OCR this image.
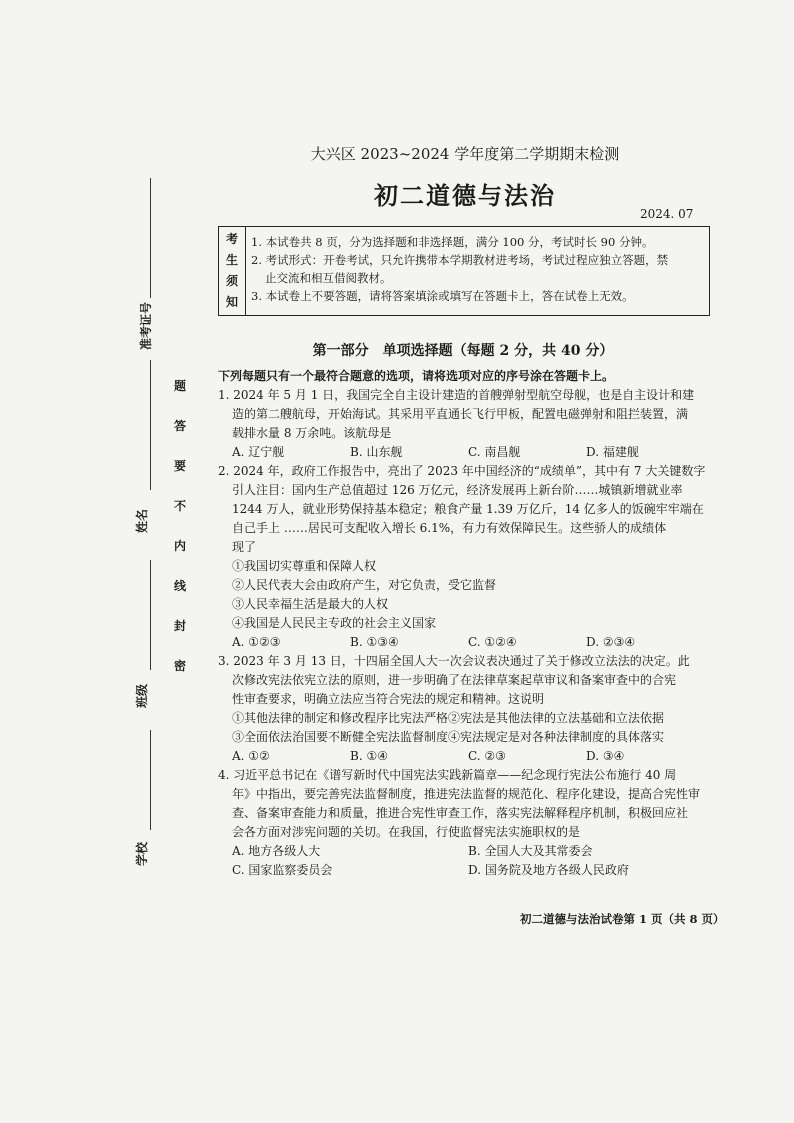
准考证号
姓名
班级
学校
题
答
要
不
内
线
封
密
大兴区 2023~2024 学年度第二学期期末检测
初二道德与法治
2024. 07
考
生
须
知
1. 本试卷共 8 页，分为选择题和非选择题，满分 100 分，考试时长 90 分钟。
2. 考试形式：开卷考试，只允许携带本学期教材进考场，考试过程应独立答题，禁
止交流和相互借阅教材。
3. 本试卷上不要答题，请将答案填涂或填写在答题卡上，答在试卷上无效。
第一部分　单项选择题（每题 2 分，共 40 分）

下列每题只有一个最符合题意的选项，请将选项对应的序号涂在答题卡上。

1. 2024 年 5 月 1 日，我国完全自主设计建造的首艘弹射型航空母舰，也是自主设计和建

造的第二艘航母，开始海试。其采用平直通长飞行甲板，配置电磁弹射和阻拦装置，满

载排水量 8 万余吨。该航母是

A. 辽宁舰	B. 山东舰	C. 南昌舰	D. 福建舰

2. 2024 年，政府工作报告中，亮出了 2023 年中国经济的“成绩单”，其中有 7 大关键数字

引人注目：国内生产总值超过 126 万亿元，经济发展再上新台阶……城镇新增就业率

1244 万人，就业形势保持基本稳定；粮食产量 1.39 万亿斤，14 亿多人的饭碗牢牢端在

自己手上 ……居民可支配收入增长 6.1%，有力有效保障民生。这些骄人的成绩体

现了

①我国切实尊重和保障人权

②人民代表大会由政府产生，对它负责，受它监督

③人民幸福生活是最大的人权

④我国是人民民主专政的社会主义国家

A. ①②③	B. ①③④	C. ①②④	D. ②③④

3. 2023 年 3 月 13 日，十四届全国人大一次会议表决通过了关于修改立法法的决定。此

次修改宪法依宪立法的原则，进一步明确了在法律草案起草审议和备案审查中的合宪

性审查要求，明确立法应当符合宪法的规定和精神。这说明

①其他法律的制定和修改程序比宪法严格②宪法是其他法律的立法基础和立法依据

③全面依法治国要不断健全宪法监督制度④宪法规定是对各种法律制度的具体落实

A. ①②	B. ①④	C. ②③	D. ③④

4. 习近平总书记在《谱写新时代中国宪法实践新篇章——纪念现行宪法公布施行 40 周

年》中指出，要完善宪法监督制度，推进宪法监督的规范化、程序化建设，提高合宪性审

查、备案审查能力和质量，推进合宪性审查工作，落实宪法解释程序机制，积极回应社

会各方面对涉宪问题的关切。在我国，行使监督宪法实施职权的是

A. 地方各级人大	B. 全国人大及其常委会
C. 国家监察委员会	D. 国务院及地方各级人民政府
初二道德与法治试卷第 1 页（共 8 页）
